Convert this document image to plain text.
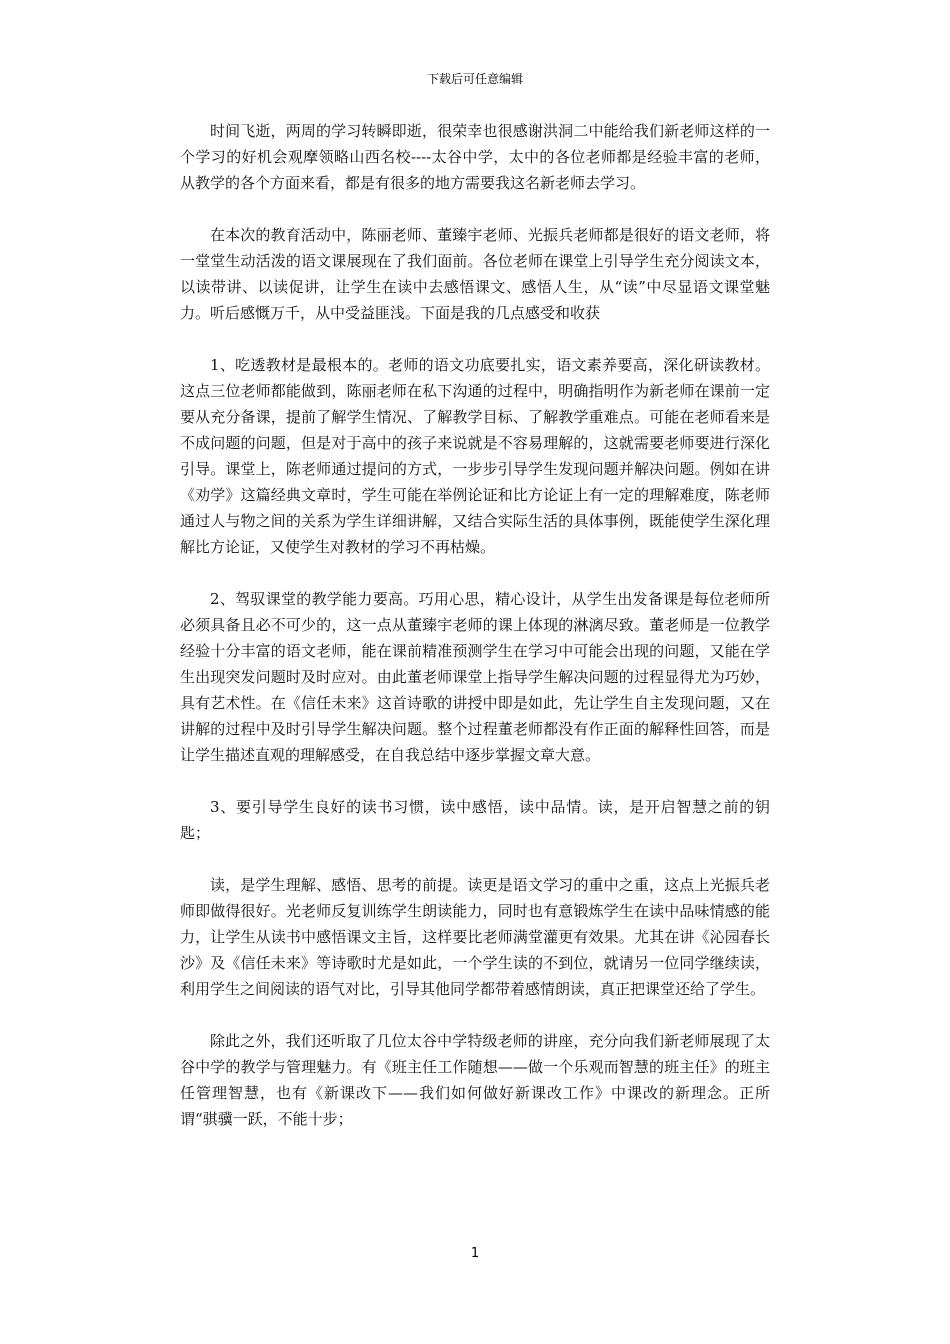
下载后可任意编辑

时间飞逝，两周的学习转瞬即逝，很荣幸也很感谢洪洞二中能给我们新老师这样的一个学习的好机会观摩领略山西名校----太谷中学，太中的各位老师都是经验丰富的老师，从教学的各个方面来看，都是有很多的地方需要我这名新老师去学习。

在本次的教育活动中，陈丽老师、董臻宇老师、光振兵老师都是很好的语文老师，将一堂堂生动活泼的语文课展现在了我们面前。各位老师在课堂上引导学生充分阅读文本，以读带讲、以读促讲，让学生在读中去感悟课文、感悟人生，从“读”中尽显语文课堂魅力。听后感慨万千，从中受益匪浅。下面是我的几点感受和收获

1、吃透教材是最根本的。老师的语文功底要扎实，语文素养要高，深化研读教材。这点三位老师都能做到，陈丽老师在私下沟通的过程中，明确指明作为新老师在课前一定要从充分备课，提前了解学生情况、了解教学目标、了解教学重难点。可能在老师看来是不成问题的问题，但是对于高中的孩子来说就是不容易理解的，这就需要老师要进行深化引导。课堂上，陈老师通过提问的方式，一步步引导学生发现问题并解决问题。例如在讲《劝学》这篇经典文章时，学生可能在举例论证和比方论证上有一定的理解难度，陈老师通过人与物之间的关系为学生详细讲解，又结合实际生活的具体事例，既能使学生深化理解比方论证，又使学生对教材的学习不再枯燥。

2、驾驭课堂的教学能力要高。巧用心思，精心设计，从学生出发备课是每位老师所必须具备且必不可少的，这一点从董臻宇老师的课上体现的淋漓尽致。董老师是一位教学经验十分丰富的语文老师，能在课前精准预测学生在学习中可能会出现的问题，又能在学生出现突发问题时及时应对。由此董老师课堂上指导学生解决问题的过程显得尤为巧妙，具有艺术性。在《信任未来》这首诗歌的讲授中即是如此，先让学生自主发现问题，又在讲解的过程中及时引导学生解决问题。整个过程董老师都没有作正面的解释性回答，而是让学生描述直观的理解感受，在自我总结中逐步掌握文章大意。

3、要引导学生良好的读书习惯，读中感悟，读中品情。读，是开启智慧之前的钥匙；

读，是学生理解、感悟、思考的前提。读更是语文学习的重中之重，这点上光振兵老师即做得很好。光老师反复训练学生朗读能力，同时也有意锻炼学生在读中品味情感的能力，让学生从读书中感悟课文主旨，这样要比老师满堂灌更有效果。尤其在讲《沁园春长沙》及《信任未来》等诗歌时尤是如此，一个学生读的不到位，就请另一位同学继续读，利用学生之间阅读的语气对比，引导其他同学都带着感情朗读，真正把课堂还给了学生。

除此之外，我们还听取了几位太谷中学特级老师的讲座，充分向我们新老师展现了太谷中学的教学与管理魅力。有《班主任工作随想——做一个乐观而智慧的班主任》的班主任管理智慧，也有《新课改下——我们如何做好新课改工作》中课改的新理念。正所谓“骐骥一跃，不能十步；

1
